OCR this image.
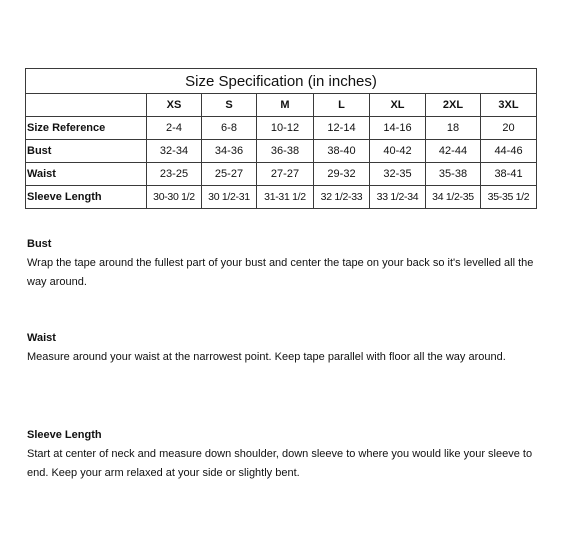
Size Specification (in inches)							
	XS	S	M	L	XL	2XL	3XL
Size Reference	2-4	6-8	10-12	12-14	14-16	18	20
Bust	32-34	34-36	36-38	38-40	40-42	42-44	44-46
Waist	23-25	25-27	27-27	29-32	32-35	35-38	38-41
Sleeve Length	30-30 1/2	30 1/2-31	31-31 1/2	32 1/2-33	33 1/2-34	34 1/2-35	35-35 1/2
Bust

Wrap the tape around the fullest part of your bust and center the tape on your back so it's levelled all the way around.

Waist

Measure around your waist at the narrowest point. Keep tape parallel with floor all the way around.

Sleeve Length

Start at center of neck and measure down shoulder, down sleeve to where you would like your sleeve to end. Keep your arm relaxed at your side or slightly bent.
